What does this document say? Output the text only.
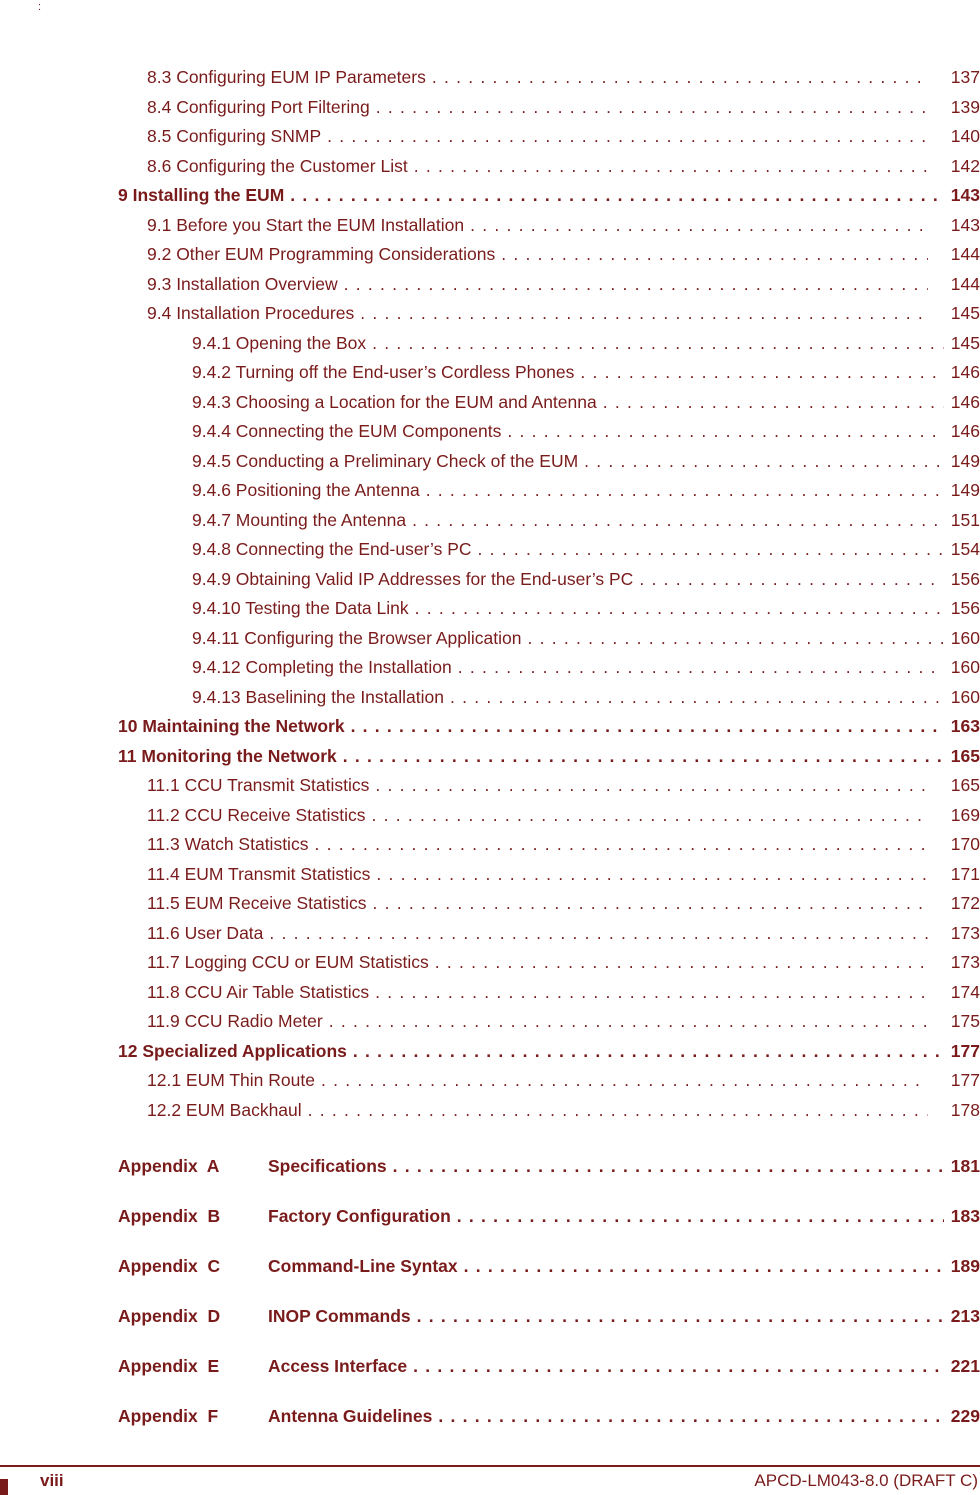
:
8.3 Configuring EUM IP Parameters . . .	137
8.4 Configuring Port Filtering . . .	139
8.5 Configuring SNMP . . .	140
8.6 Configuring the Customer List . . .	142
9 Installing the EUM . . .	143
9.1 Before you Start the EUM Installation . . .	143
9.2 Other EUM Programming Considerations . . .	144
9.3 Installation Overview . . .	144
9.4 Installation Procedures . . .	145
9.4.1 Opening the Box . . .	145
9.4.2 Turning off the End-user’s Cordless Phones . . .	146
9.4.3 Choosing a Location for the EUM and Antenna . . .	146
9.4.4 Connecting the EUM Components . . .	146
9.4.5 Conducting a Preliminary Check of the EUM . . .	149
9.4.6 Positioning the Antenna . . .	149
9.4.7 Mounting the Antenna . . .	151
9.4.8 Connecting the End-user’s PC . . .	154
9.4.9 Obtaining Valid IP Addresses for the End-user’s PC . . .	156
9.4.10 Testing the Data Link . . .	156
9.4.11 Configuring the Browser Application . . .	160
9.4.12 Completing the Installation . . .	160
9.4.13 Baselining the Installation . . .	160
10 Maintaining the Network . . .	163
11 Monitoring the Network . . .	165
11.1 CCU Transmit Statistics . . .	165
11.2 CCU Receive Statistics . . .	169
11.3 Watch Statistics . . .	170
11.4 EUM Transmit Statistics . . .	171
11.5 EUM Receive Statistics . . .	172
11.6 User Data . . .	173
11.7 Logging CCU or EUM Statistics . . .	173
11.8 CCU Air Table Statistics . . .	174
11.9 CCU Radio Meter . . .	175
12 Specialized Applications . . .	177
12.1 EUM Thin Route . . .	177
12.2 EUM Backhaul . . .	178
Appendix  A	Specifications . . .	181
Appendix  B	Factory Configuration . . .	183
Appendix  C	Command-Line Syntax . . .	189
Appendix  D	INOP Commands . . .	213
Appendix  E	Access Interface . . .	221
Appendix  F	Antenna Guidelines . . .	229
viii	APCD-LM043-8.0 (DRAFT C)
